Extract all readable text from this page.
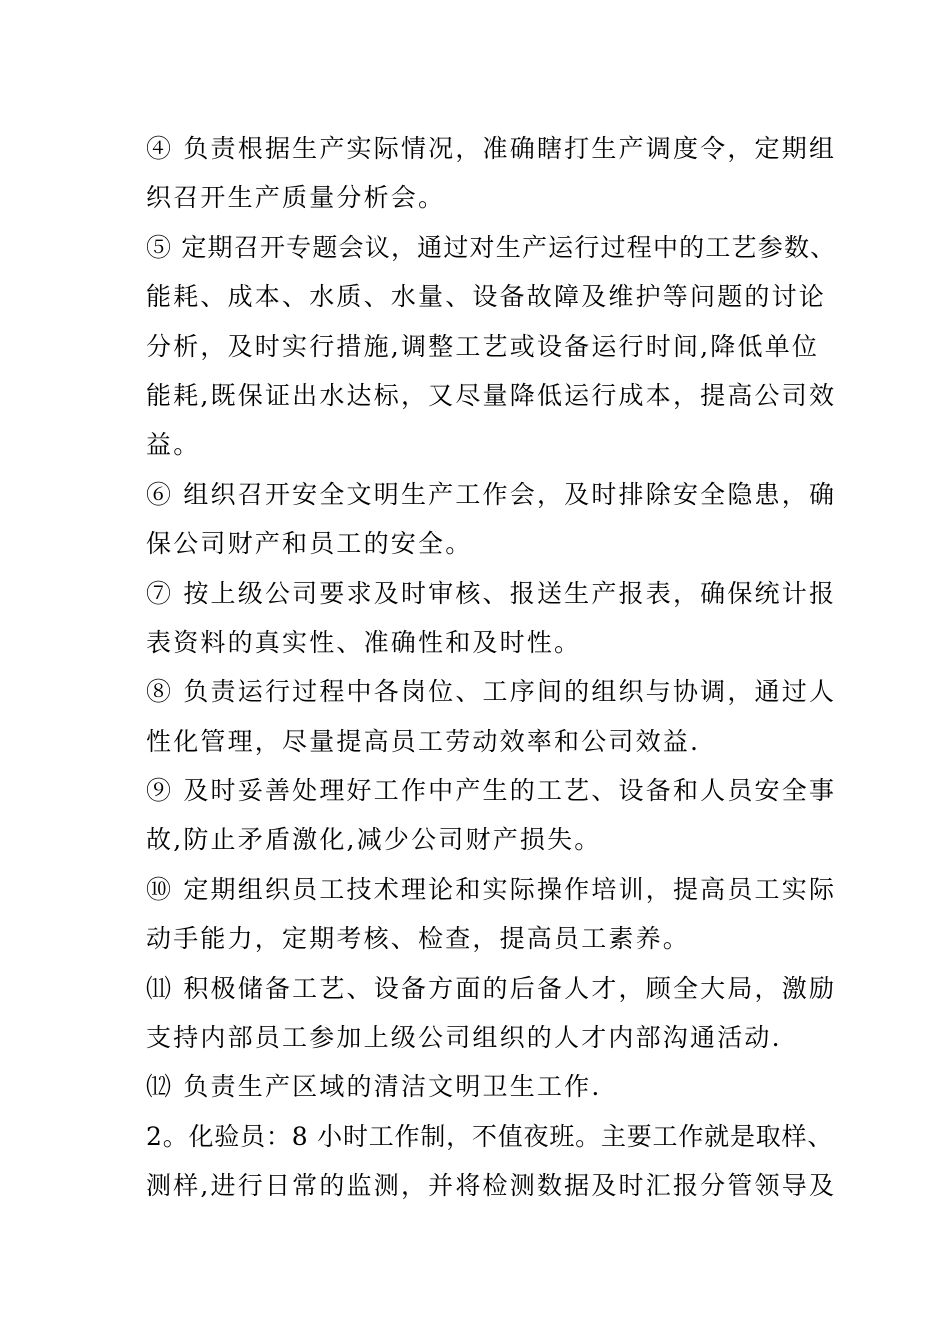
④ 负责根据生产实际情况，准确瞎打生产调度令，定期组
织召开生产质量分析会。
⑤ 定期召开专题会议，通过对生产运行过程中的工艺参数、
能耗、成本、水质、水量、设备故障及维护等问题的讨论
分析，及时实行措施,调整工艺或设备运行时间,降低单位
能耗,既保证出水达标，又尽量降低运行成本，提高公司效
益。
⑥ 组织召开安全文明生产工作会，及时排除安全隐患，确
保公司财产和员工的安全。
⑦ 按上级公司要求及时审核、报送生产报表，确保统计报
表资料的真实性、准确性和及时性。
⑧ 负责运行过程中各岗位、工序间的组织与协调，通过人
性化管理，尽量提高员工劳动效率和公司效益.
⑨ 及时妥善处理好工作中产生的工艺、设备和人员安全事
故,防止矛盾激化,减少公司财产损失。
⑩ 定期组织员工技术理论和实际操作培训，提高员工实际
动手能力，定期考核、检查，提高员工素养。
⑾ 积极储备工艺、设备方面的后备人才，顾全大局，激励
支持内部员工参加上级公司组织的人才内部沟通活动.
⑿ 负责生产区域的清洁文明卫生工作.
2。化验员：8 小时工作制，不值夜班。主要工作就是取样、
测样,进行日常的监测，并将检测数据及时汇报分管领导及
